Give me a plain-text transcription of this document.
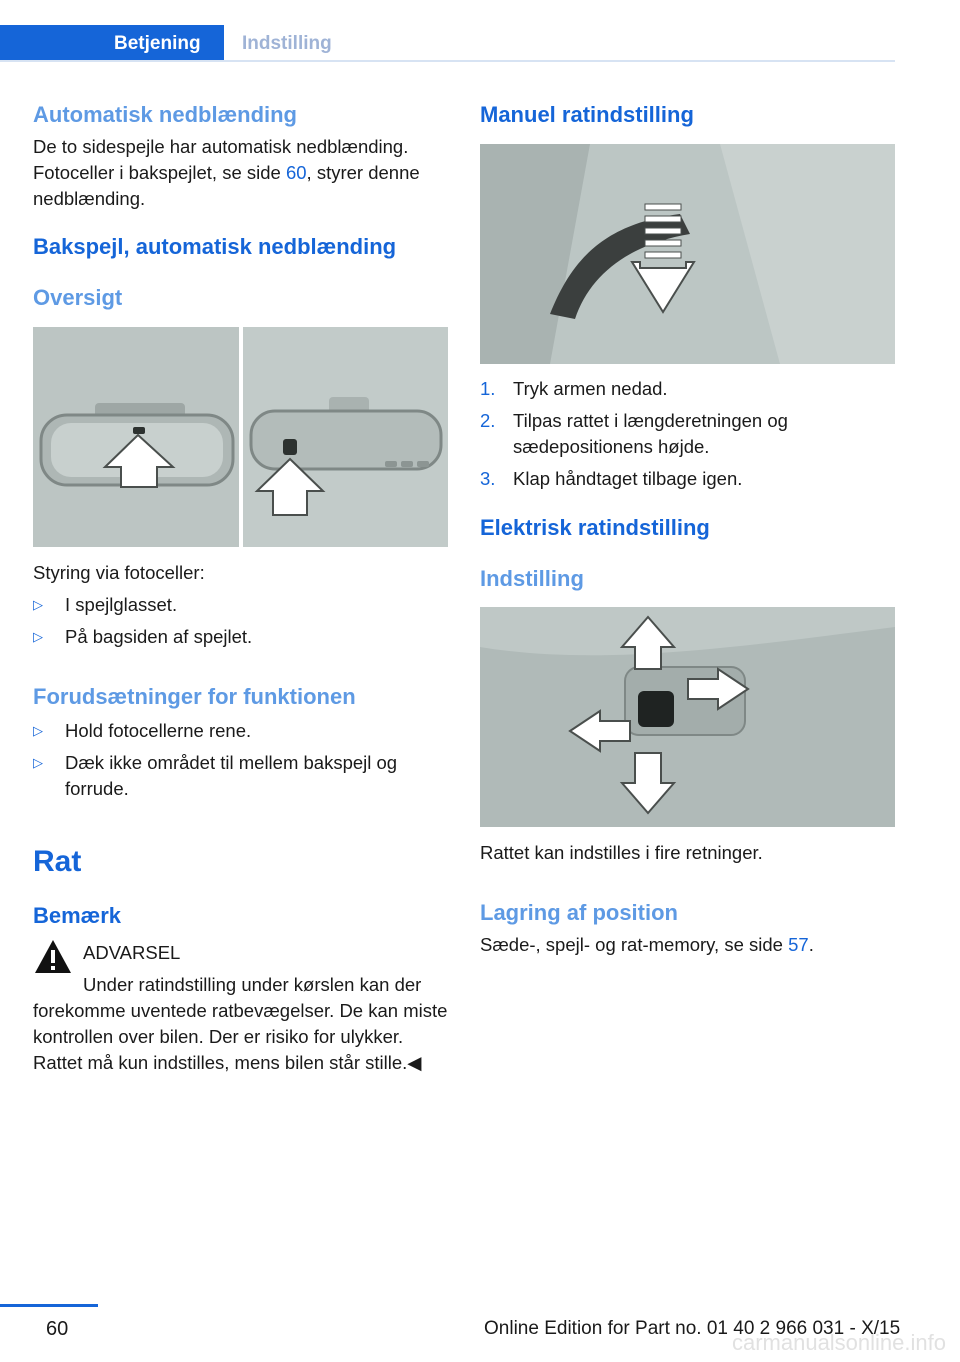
Betjening	Indstilling
Automatisk nedblænding
De to sidespejle har automatisk nedblænding. Fotoceller i bakspejlet, se side 60, styrer denne nedblænding.
Bakspejl, automatisk nedblænding
Oversigt
Styring via fotoceller:
▷	I spejlglasset.
▷	På bagsiden af spejlet.
Forudsætninger for funktionen
▷	Hold fotocellerne rene.
▷	Dæk ikke området til mellem bakspejl og forrude.
Rat
Bemærk
ADVARSEL
Under ratindstilling under kørslen kan der
forekomme uventede ratbevægelser. De kan miste kontrollen over bilen. Der er risiko for ulykker. Rattet må kun indstilles, mens bilen står stille.◀
Manuel ratindstilling
1. Tryk armen nedad.
2. Tilpas rattet i længderetningen og sædepositionens højde.
3. Klap håndtaget tilbage igen.
Elektrisk ratindstilling
Indstilling
Rattet kan indstilles i fire retninger.
Lagring af position
Sæde-, spejl- og rat-memory, se side 57.
60	Online Edition for Part no. 01 40 2 966 031 - X/15
carmanualsonline.info
